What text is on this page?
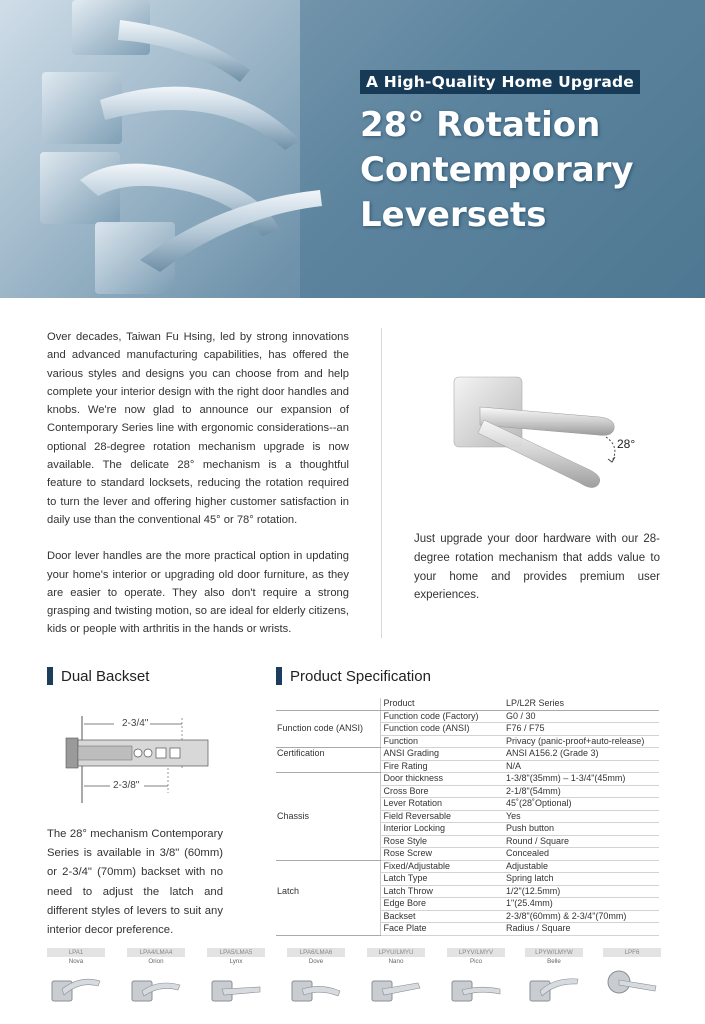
A High-Quality Home Upgrade
28° Rotation
Contemporary
Leversets

Over decades, Taiwan Fu Hsing, led by strong innovations and advanced manufacturing capabilities, has offered the various styles and designs you can choose from and help complete your interior design with the right door handles and knobs. We're now glad to announce our expansion of Contemporary Series line with ergonomic considerations--an optional 28-degree rotation mechanism upgrade is now available. The delicate 28° mechanism is a thoughtful feature to standard locksets, reducing the rotation required to turn the lever and offering higher customer satisfaction in daily use than the conventional 45° or 78° rotation.

Door lever handles are the more practical option in updating your home's interior or upgrading old door furniture, as they are easier to operate. They also don't require a strong grasping and twisting motion, so are ideal for elderly citizens, kids or people with arthritis in the hands or wrists.

28°
Just upgrade your door hardware with our 28-degree rotation mechanism that adds value to your home and provides premium user experiences.
Dual Backset
2-3/4"
2-3/8"
The 28° mechanism Contemporary Series is available in 3/8" (60mm) or 2-3/4" (70mm) backset with no need to adjust the latch and different styles of levers to suit any interior decor preference.
Product Specification
	Product	LP/L2R Series
	Function code (Factory)	G0 / 30
Function code (ANSI)	Function code (ANSI)	F76 / F75
	Function	Privacy (panic-proof+auto-release)
Certification	ANSI Grading	ANSI A156.2 (Grade 3)
	Fire Rating	N/A
	Door thickness	1-3/8"(35mm) – 1-3/4"(45mm)
	Cross Bore	2-1/8"(54mm)
	Lever Rotation	45˚(28˚Optional)
Chassis	Field Reversable	Yes
	Interior Locking	Push button
	Rose Style	Round / Square
	Rose Screw	Concealed
	Fixed/Adjustable	Adjustable
	Latch Type	Spring latch
Latch	Latch Throw	1/2"(12.5mm)
	Edge Bore	1"(25.4mm)
	Backset	2-3/8"(60mm) & 2-3/4"(70mm)
	Face Plate	Radius / Square
LPA1
Nova
LPA4/LMA4
Orion
LPA5/LMA5
Lynx
LPA6/LMA6
Dove
LPYU/LMYU
Nano
LPYV/LMYV
Pico
LPYW/LMYW
Belle
LPF6
